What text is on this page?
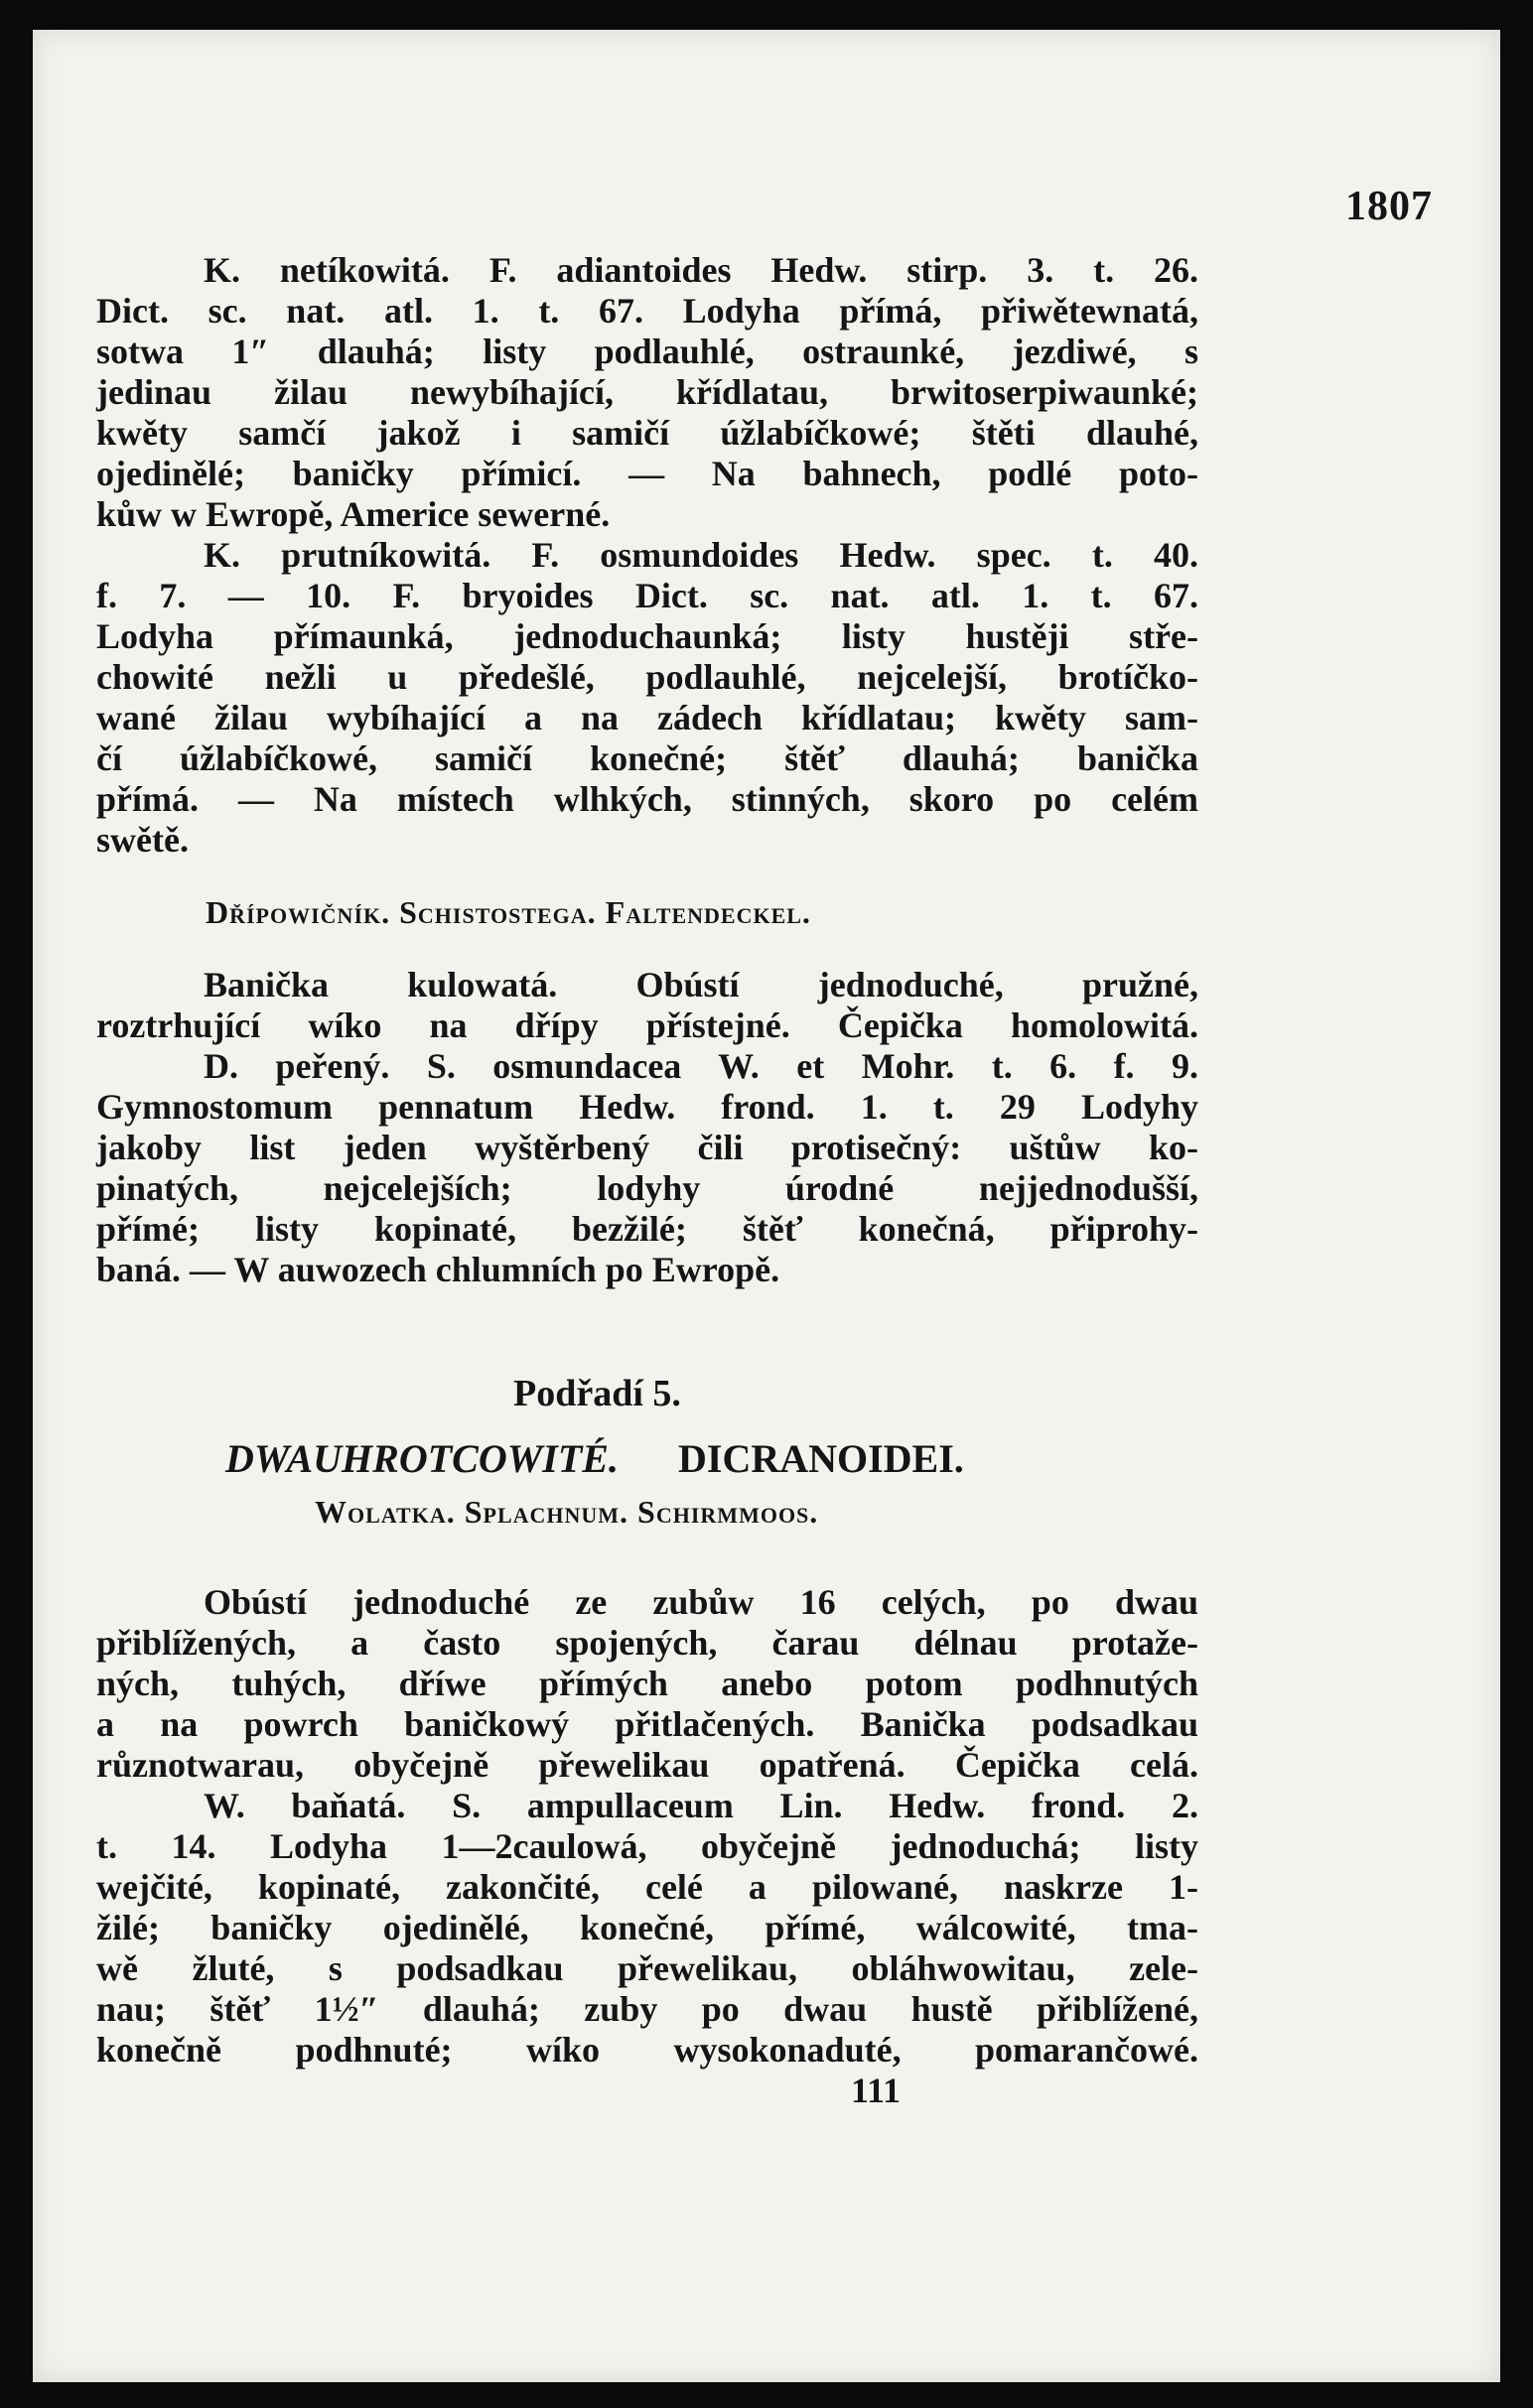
1807
K. netíkowitá. F. adiantoides Hedw. stirp. 3. t. 26.
Dict. sc. nat. atl. 1. t. 67. Lodyha přímá, přiwětewnatá,
sotwa 1″ dlauhá; listy podlauhlé, ostraunké, jezdiwé, s
jedinau žilau newybíhající, křídlatau, brwitoserpiwaunké;
kwěty samčí jakož i samičí úžlabíčkowé; štěti dlauhé,
ojedinělé; baničky přímicí. — Na bahnech, podlé poto-
kůw w Ewropě, Americe sewerné.
K. prutníkowitá. F. osmundoides Hedw. spec. t. 40.
f. 7. — 10. F. bryoides Dict. sc. nat. atl. 1. t. 67.
Lodyha přímaunká, jednoduchaunká; listy hustěji stře-
chowité nežli u předešlé, podlauhlé, nejcelejší, brotíčko-
wané žilau wybíhající a na zádech křídlatau; kwěty sam-
čí úžlabíčkowé, samičí konečné; štěť dlauhá; banička
přímá. — Na místech wlhkých, stinných, skoro po celém
swětě.
Dřípowičník. Schistostega. Faltendeckel.
Banička kulowatá. Obústí jednoduché, pružné,
roztrhující wíko na dřípy přístejné. Čepička homolowitá.
D. peřený. S. osmundacea W. et Mohr. t. 6. f. 9.
Gymnostomum pennatum Hedw. frond. 1. t. 29 Lodyhy
jakoby list jeden wyštěrbený čili protisečný: uštůw ko-
pinatých, nejcelejších; lodyhy úrodné nejjednodušší,
přímé; listy kopinaté, bezžilé; štěť konečná, připrohy-
baná. — W auwozech chlumních po Ewropě.
Podřadí 5.
DWAUHROTCOWITÉ. DICRANOIDEI.
Wolatka. Splachnum. Schirmmoos.
Obústí jednoduché ze zubůw 16 celých, po dwau
přiblížených, a často spojených, čarau délnau protaže-
ných, tuhých, dříwe přímých anebo potom podhnutých
a na powrch baničkowý přitlačených. Banička podsadkau
různotwarau, obyčejně přewelikau opatřená. Čepička celá.
W. baňatá. S. ampullaceum Lin. Hedw. frond. 2.
t. 14. Lodyha 1—2caulowá, obyčejně jednoduchá; listy
wejčité, kopinaté, zakončité, celé a pilowané, naskrze 1-
žilé; baničky ojedinělé, konečné, přímé, wálcowité, tma-
wě žluté, s podsadkau přewelikau, obláhwowitau, zele-
nau; štěť 1½″ dlauhá; zuby po dwau hustě přiblížené,
konečně podhnuté; wíko wysokonaduté, pomarančowé.
111
